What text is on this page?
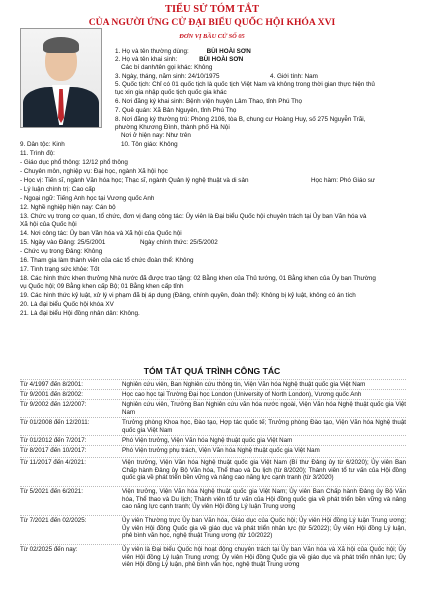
TIỂU SỬ TÓM TẮT
CỦA NGƯỜI ỨNG CỬ ĐẠI BIỂU QUỐC HỘI KHÓA XVI
ĐƠN VỊ BẦU CỬ SỐ 05
1. Họ và tên thường dùng:	BÙI HOÀI SƠN
2. Họ và tên khai sinh:	BÙI HOÀI SƠN
Các bí danh/tên gọi khác: Không
3. Ngày, tháng, năm sinh: 24/10/1975	4. Giới tính: Nam
5. Quốc tịch: Chỉ có 01 quốc tịch là quốc tịch Việt Nam và không trong thời gian thực hiện thủ
tục xin gia nhập quốc tịch quốc gia khác
6. Nơi đăng ký khai sinh: Bệnh viện huyện Lâm Thao, tỉnh Phú Thọ
7. Quê quán: Xã Bản Nguyên, tỉnh Phú Thọ
8. Nơi đăng ký thường trú: Phòng 2106, tòa B, chung cư Hoàng Huy, số 275 Nguyễn Trãi,
phường Khương Đình, thành phố Hà Nội
Nơi ở hiện nay: Như trên
9. Dân tộc: Kinh	10. Tôn giáo: Không
11. Trình độ:
- Giáo dục phổ thông: 12/12 phổ thông
- Chuyên môn, nghiệp vụ: Đại học, ngành Xã hội học
- Học vị: Tiến sĩ, ngành Văn hóa học; Thạc sĩ, ngành Quản lý nghệ thuật và di sản	Học hàm: Phó Giáo sư
- Lý luận chính trị: Cao cấp
- Ngoại ngữ: Tiếng Anh học tại Vương quốc Anh
12. Nghề nghiệp hiện nay: Cán bộ
13. Chức vụ trong cơ quan, tổ chức, đơn vị đang công tác: Ủy viên là Đại biểu Quốc hội chuyên trách tại Ủy ban Văn hóa và
Xã hội của Quốc hội
14. Nơi công tác: Ủy ban Văn hóa và Xã hội của Quốc hội
15. Ngày vào Đảng: 25/5/2001	Ngày chính thức: 25/5/2002
- Chức vụ trong Đảng: Không
16. Tham gia làm thành viên của các tổ chức đoàn thể: Không
17. Tình trạng sức khỏe: Tốt
18. Các hình thức khen thưởng Nhà nước đã được trao tặng: 02 Bằng khen của Thủ tướng, 01 Bằng khen của Ủy ban Thường
vụ Quốc hội; 09 Bằng khen cấp Bộ; 01 Bằng khen cấp tỉnh
19. Các hình thức kỷ luật, xử lý vi phạm đã bị áp dụng (Đảng, chính quyền, đoàn thể): Không bị kỷ luật, không có án tích
20. Là đại biểu Quốc hội khóa XV
21. Là đại biểu Hội đồng nhân dân: Không.
TÓM TẮT QUÁ TRÌNH CÔNG TÁC
Từ 4/1997 đến 8/2001:	Nghiên cứu viên, Ban Nghiên cứu thông tin, Viện Văn hóa Nghệ thuật quốc gia Việt Nam
Từ 9/2001 đến 8/2002:	Học cao học tại Trường Đại học London (University of North London), Vương quốc Anh
Từ 9/2002 đến 12/2007:	Nghiên cứu viên, Trưởng Ban Nghiên cứu văn hóa nước ngoài, Viện Văn hóa Nghệ thuật quốc gia Việt Nam
Từ 01/2008 đến 12/2011:	Trưởng phòng Khoa học, Đào tạo, Hợp tác quốc tế; Trưởng phòng Đào tạo, Viện Văn hóa Nghệ thuật quốc gia Việt Nam
Từ 01/2012 đến 7/2017:	Phó Viện trưởng, Viện Văn hóa Nghệ thuật quốc gia Việt Nam
Từ 8/2017 đến 10/2017:	Phó Viện trưởng phụ trách, Viện Văn hóa Nghệ thuật quốc gia Việt Nam
Từ 11/2017 đến 4/2021:	Viện trưởng, Viện Văn hóa Nghệ thuật quốc gia Việt Nam (Bí thư Đảng ủy từ 6/2020); Ủy viên Ban Chấp hành Đảng ủy Bộ Văn hóa, Thể thao và Du lịch (từ 8/2020); Thành viên tổ tư vấn của Hội đồng quốc gia về phát triển bền vững và nâng cao năng lực cạnh tranh (từ 3/2020)
Từ 5/2021 đến 6/2021:	Viện trưởng, Viện Văn hóa Nghệ thuật quốc gia Việt Nam; Ủy viên Ban Chấp hành Đảng ủy Bộ Văn hóa, Thể thao và Du lịch; Thành viên tổ tư vấn của Hội đồng quốc gia về phát triển bền vững và nâng cao năng lực cạnh tranh; Ủy viên Hội đồng Lý luận Trung ương
Từ 7/2021 đến 02/2025:	Ủy viên Thường trực Ủy ban Văn hóa, Giáo dục của Quốc hội; Ủy viên Hội đồng Lý luận Trung ương; Ủy viên Hội đồng Quốc gia về giáo dục và phát triển nhân lực (từ 5/2022); Ủy viên Hội đồng Lý luận, phê bình văn học, nghệ thuật Trung ương (từ 10/2022)
Từ 02/2025 đến nay:	Ủy viên là Đại biểu Quốc hội hoạt động chuyên trách tại Ủy ban Văn hóa và Xã hội của Quốc hội; Ủy viên Hội đồng Lý luận Trung ương; Ủy viên Hội đồng Quốc gia về giáo dục và phát triển nhân lực; Ủy viên Hội đồng Lý luận, phê bình văn học, nghệ thuật Trung ương
